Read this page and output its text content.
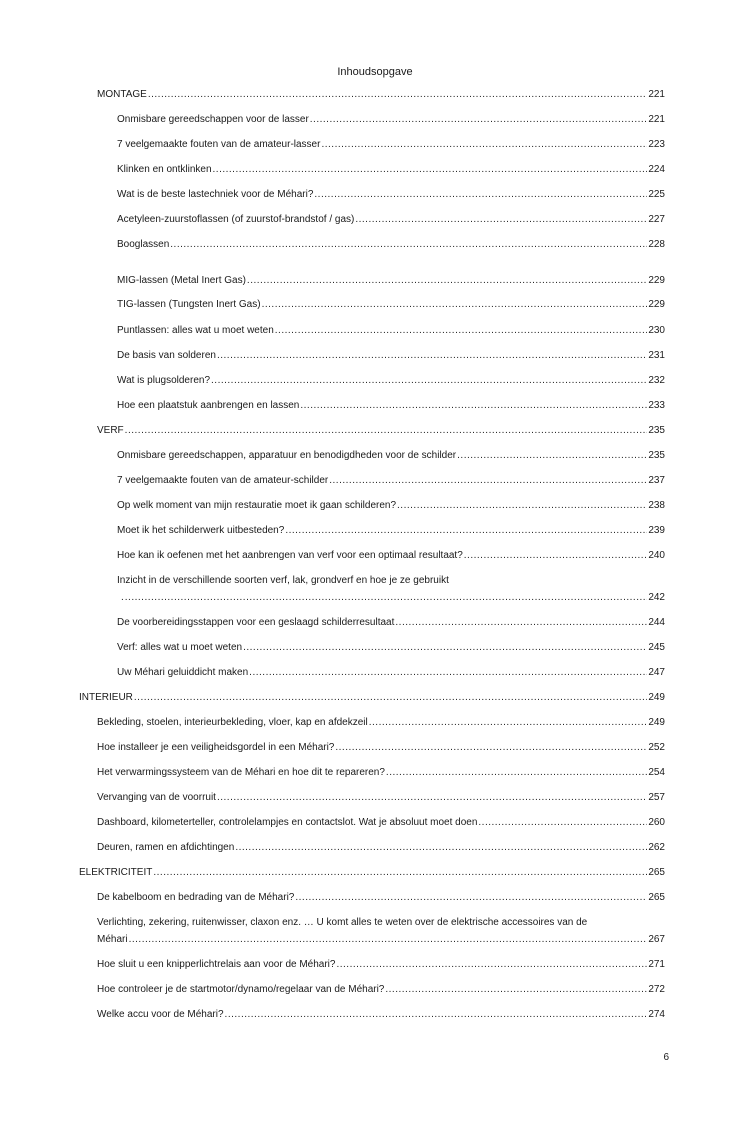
Inhoudsopgave
MONTAGE .....	221
Onmisbare gereedschappen voor de lasser .....	221
7 veelgemaakte fouten van de amateur-lasser .....	223
Klinken en ontklinken .....	224
Wat is de beste lastechniek voor de Méhari? .....	225
Acetyleen-zuurstoflassen (of zuurstof-brandstof / gas) .....	227
Booglassen .....	228
MIG-lassen (Metal Inert Gas) .....	229
TIG-lassen (Tungsten Inert Gas) .....	229
Puntlassen: alles wat u moet weten .....	230
De basis van solderen .....	231
Wat is plugsolderen? .....	232
Hoe een plaatstuk aanbrengen en lassen .....	233
VERF .....	235
Onmisbare gereedschappen, apparatuur en benodigdheden voor de schilder .....	235
7 veelgemaakte fouten van de amateur-schilder .....	237
Op welk moment van mijn restauratie moet ik gaan schilderen? .....	238
Moet ik het schilderwerk uitbesteden? .....	239
Hoe kan ik oefenen met het aanbrengen van verf voor een optimaal resultaat? .....	240
Inzicht in de verschillende soorten verf, lak, grondverf en hoe je ze gebruikt
. .....	242
De voorbereidingsstappen voor een geslaagd schilderresultaat .....	244
Verf: alles wat u moet weten .....	245
Uw Méhari geluiddicht maken .....	247
INTERIEUR .....	249
Bekleding, stoelen, interieurbekleding, vloer, kap en afdekzeil .....	249
Hoe installeer je een veiligheidsgordel in een Méhari? .....	252
Het verwarmingssysteem van de Méhari en hoe dit te repareren? .....	254
Vervanging van de voorruit .....	257
Dashboard, kilometerteller, controlelampjes en contactslot. Wat je absoluut moet doen .....	260
Deuren, ramen en afdichtingen .....	262
ELEKTRICITEIT .....	265
De kabelboom en bedrading van de Méhari? .....	265
Verlichting, zekering, ruitenwisser, claxon enz. … U komt alles te weten over de elektrische accessoires van de
Méhari .....	267
Hoe sluit u een knipperlichtrelais aan voor de Méhari? .....	271
Hoe controleer je de startmotor/dynamo/regelaar van de Méhari? .....	272
Welke accu voor de Méhari? .....	274
6
